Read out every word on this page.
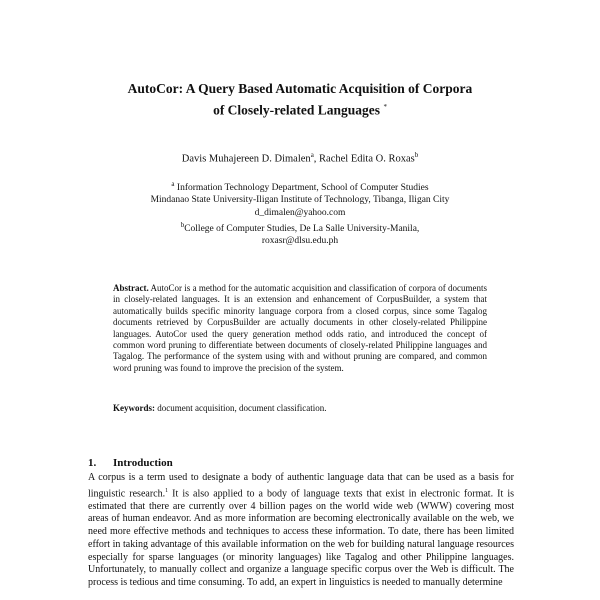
AutoCor: A Query Based Automatic Acquisition of Corpora
of Closely-related Languages *
Davis Muhajereen D. Dimalen$^a$, Rachel Edita O. Roxas$^b$
$^a$ Information Technology Department, School of Computer Studies
Mindanao State University-Iligan Institute of Technology, Tibanga, Iligan City
d_dimalen@yahoo.com
$^b$College of Computer Studies, De La Salle University-Manila,
roxasr@dlsu.edu.ph
Abstract. AutoCor is a method for the automatic acquisition and classification of corpora of documents in closely-related languages. It is an extension and enhancement of CorpusBuilder, a system that automatically builds specific minority language corpora from a closed corpus, since some Tagalog documents retrieved by CorpusBuilder are actually documents in other closely-related Philippine languages. AutoCor used the query generation method odds ratio, and introduced the concept of common word pruning to differentiate between documents of closely-related Philippine languages and Tagalog. The performance of the system using with and without pruning are compared, and common word pruning was found to improve the precision of the system.
Keywords: document acquisition, document classification.
1. Introduction
A corpus is a term used to designate a body of authentic language data that can be used as a basis for linguistic research.$^1$ It is also applied to a body of language texts that exist in electronic format. It is estimated that there are currently over 4 billion pages on the world wide web (WWW) covering most areas of human endeavor. And as more information are becoming electronically available on the web, we need more effective methods and techniques to access these information. To date, there has been limited effort in taking advantage of this available information on the web for building natural language resources especially for sparse languages (or minority languages) like Tagalog and other Philippine languages. Unfortunately, to manually collect and organize a language specific corpus over the Web is difficult. The process is tedious and time consuming. To add, an expert in linguistics is needed to manually determine
